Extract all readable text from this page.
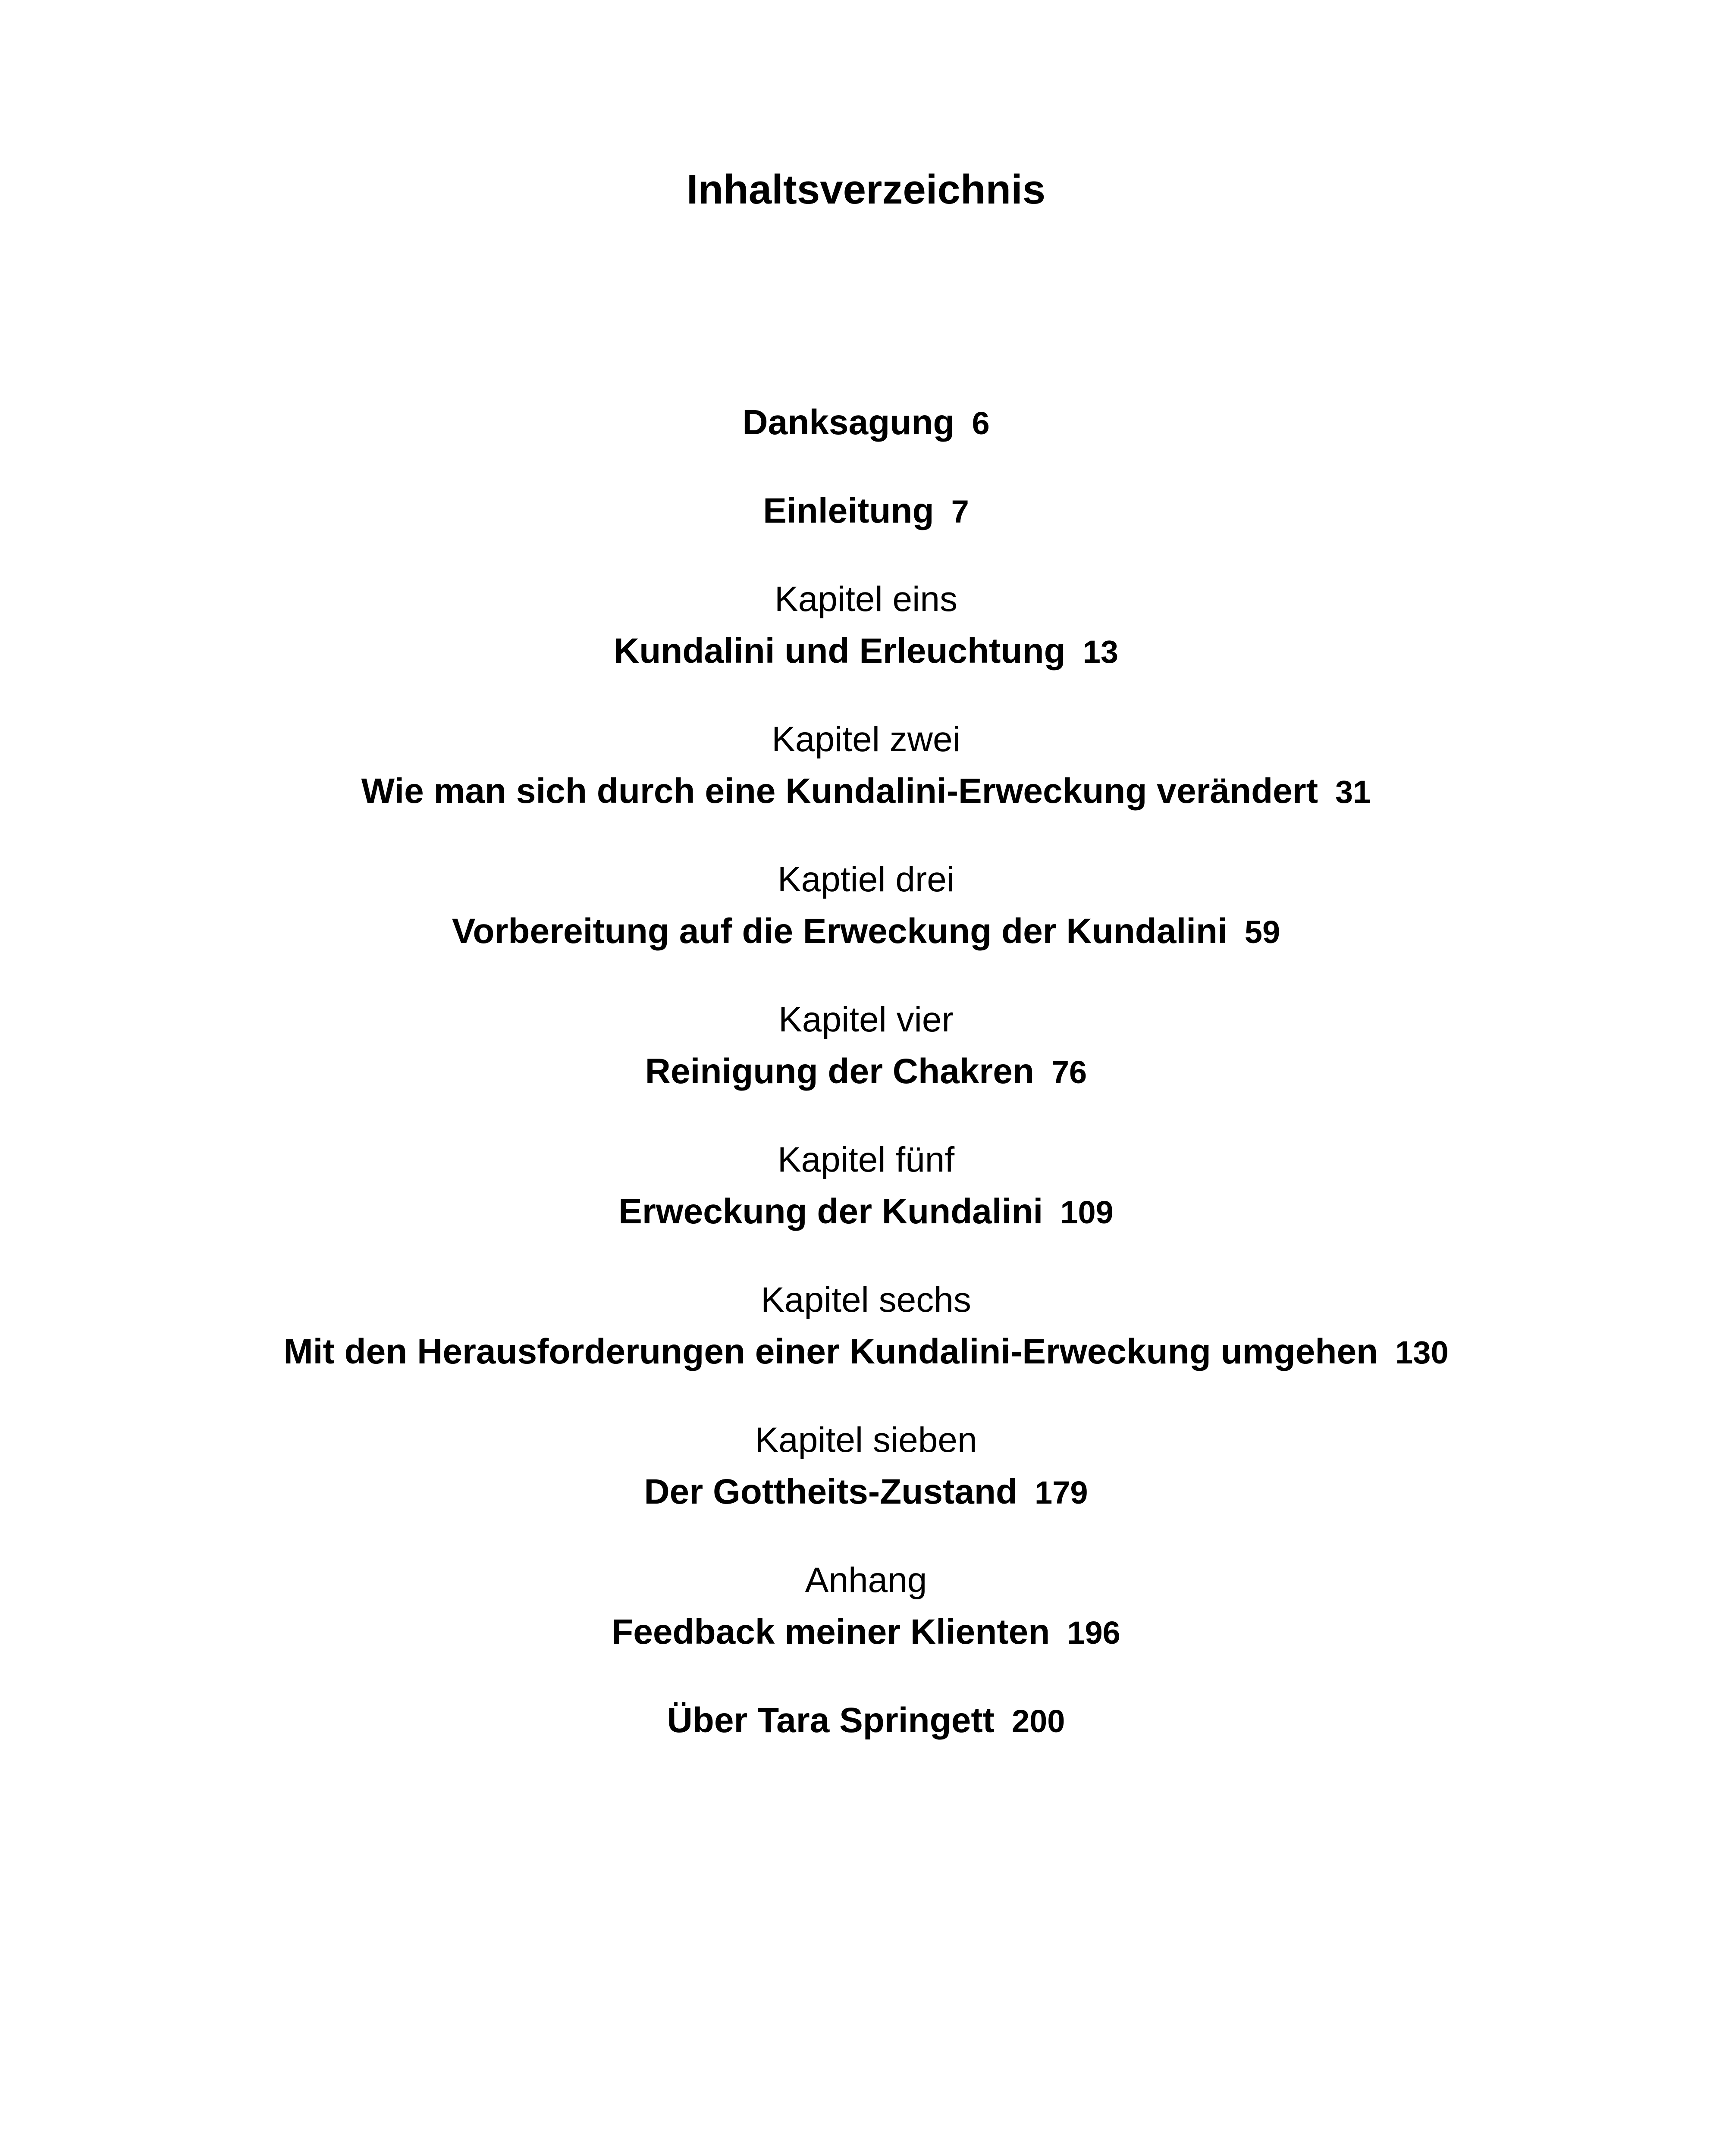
Inhaltsverzeichnis
Danksagung 6
Einleitung 7
Kapitel eins
Kundalini und Erleuchtung 13
Kapitel zwei
Wie man sich durch eine Kundalini-Erweckung verändert 31
Kaptiel drei
Vorbereitung auf die Erweckung der Kundalini 59
Kapitel vier
Reinigung der Chakren 76
Kapitel fünf
Erweckung der Kundalini 109
Kapitel sechs
Mit den Herausforderungen einer Kundalini-Erweckung umgehen 130
Kapitel sieben
Der Gottheits-Zustand 179
Anhang
Feedback meiner Klienten 196
Über Tara Springett 200
